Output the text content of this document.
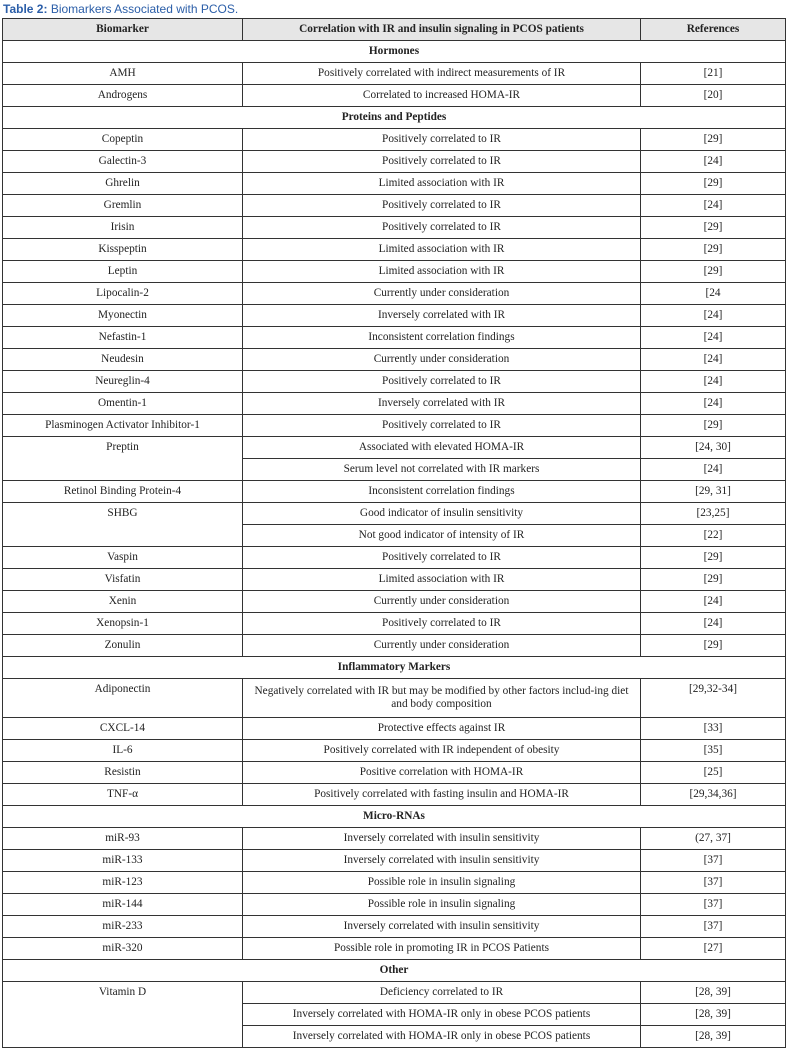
Table 2: Biomarkers Associated with PCOS.
Biomarker	Correlation with IR and insulin signaling in PCOS patients	References
Hormones		
AMH	Positively correlated with indirect measurements of IR	[21]
Androgens	Correlated to increased HOMA-IR	[20]
Proteins and Peptides		
Copeptin	Positively correlated to IR	[29]
Galectin-3	Positively correlated to IR	[24]
Ghrelin	Limited association with IR	[29]
Gremlin	Positively correlated to IR	[24]
Irisin	Positively correlated to IR	[29]
Kisspeptin	Limited association with IR	[29]
Leptin	Limited association with IR	[29]
Lipocalin-2	Currently under consideration	[24
Myonectin	Inversely correlated with IR	[24]
Nefastin-1	Inconsistent correlation findings	[24]
Neudesin	Currently under consideration	[24]
Neureglin-4	Positively correlated to IR	[24]
Omentin-1	Inversely correlated with IR	[24]
Plasminogen Activator Inhibitor-1	Positively correlated to IR	[29]
Preptin	Associated with elevated HOMA-IR	[24, 30]
	Serum level not correlated with IR markers	[24]
Retinol Binding Protein-4	Inconsistent correlation findings	[29, 31]
SHBG	Good indicator of insulin sensitivity	[23,25]
	Not good indicator of intensity of IR	[22]
Vaspin	Positively correlated to IR	[29]
Visfatin	Limited association with IR	[29]
Xenin	Currently under consideration	[24]
Xenopsin-1	Positively correlated to IR	[24]
Zonulin	Currently under consideration	[29]
Inflammatory Markers		
Adiponectin	Negatively correlated with IR but may be modified by other factors includ-ing diet and body composition	[29,32-34]
CXCL-14	Protective effects against IR	[33]
IL-6	Positively correlated with IR independent of obesity	[35]
Resistin	Positive correlation with HOMA-IR	[25]
TNF-α	Positively correlated with fasting insulin and HOMA-IR	[29,34,36]
Micro-RNAs		
miR-93	Inversely correlated with insulin sensitivity	(27, 37]
miR-133	Inversely correlated with insulin sensitivity	[37]
miR-123	Possible role in insulin signaling	[37]
miR-144	Possible role in insulin signaling	[37]
miR-233	Inversely correlated with insulin sensitivity	[37]
miR-320	Possible role in promoting IR in PCOS Patients	[27]
Other		
Vitamin D	Deficiency correlated to IR	[28, 39]
	Inversely correlated with HOMA-IR only in obese PCOS patients	[28, 39]
	Inversely correlated with HOMA-IR only in obese PCOS patients	[28, 39]
